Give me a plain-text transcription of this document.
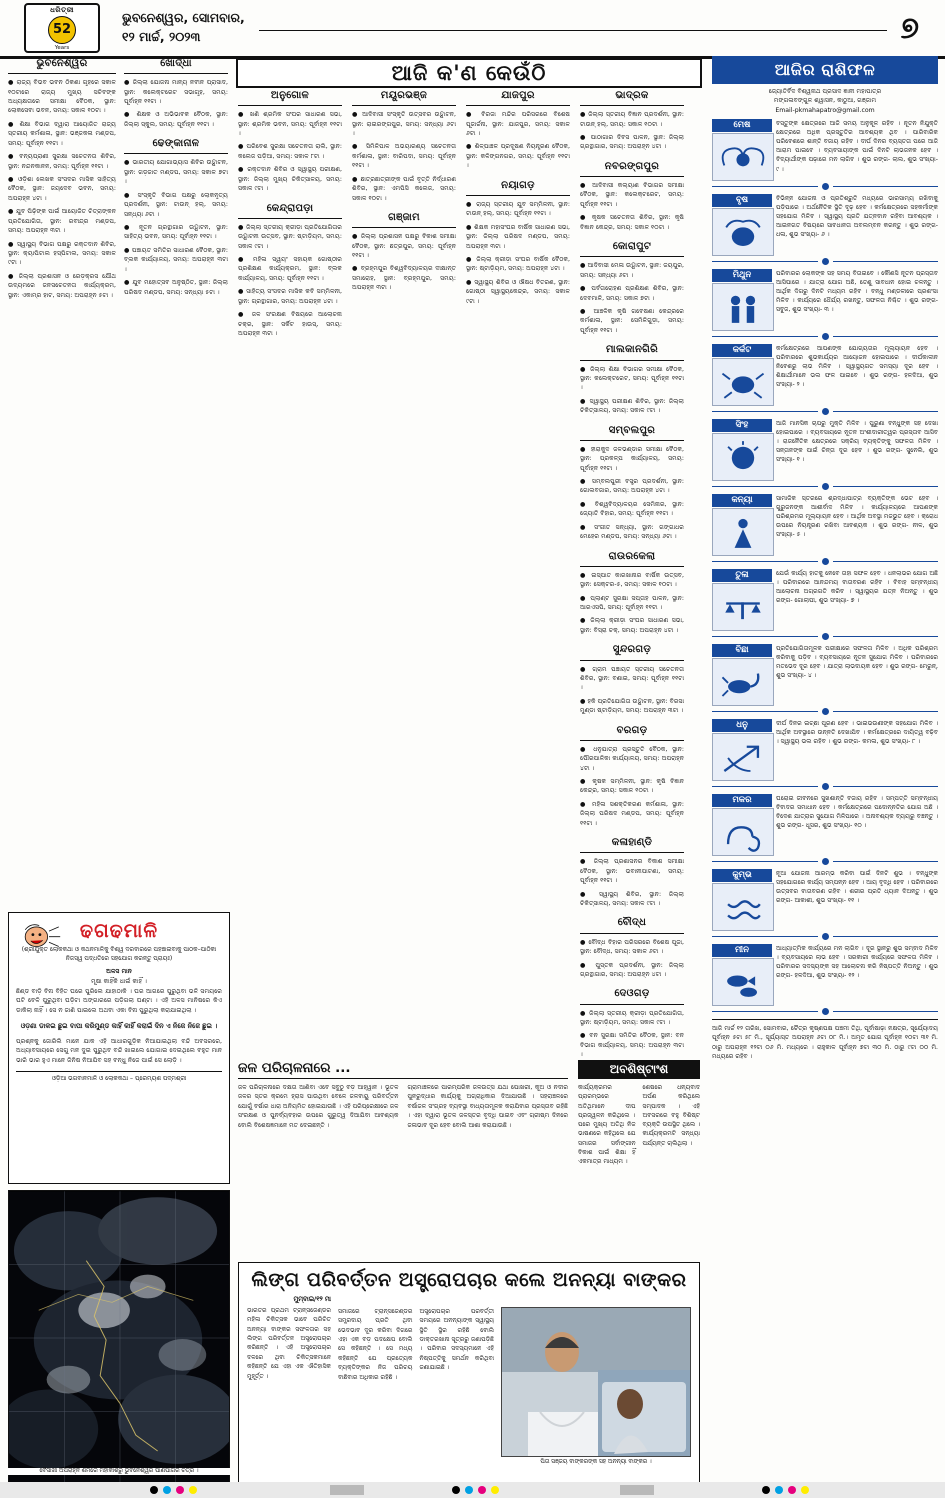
ଧରିତ୍ରୀ
52
Years
ଭୁବନେଶ୍ୱର, ସୋମବାର,
୧୨ ମାର୍ଚ୍ଚ, ୨୦୨୩	୭
ଆଜି କ'ଣ କେଉଁଠି
ଭୁବନେଶ୍ୱର

● ରାଜ୍ୟ ବିଭବ ଭବନ ଠିକଣା ଗୃହରେ ସକାଳ ୧୦ଟାରେ ରାଜ୍ୟ ମୁଖ୍ୟ ସଚିବଙ୍କ ଅଧ୍ୟକ୍ଷତାରେ ସମୀକ୍ଷା ବୈଠକ, ସ୍ଥାନ: ଲୋକସେବା ଭବନ, ସମୟ: ସକାଳ ୧୦ଟା ।

● ଶିକ୍ଷା ବିଭାଗ ଦ୍ୱାରା ଆୟୋଜିତ ରାଜ୍ୟ ସ୍ତରୀୟ କର୍ମଶାଳା, ସ୍ଥାନ: ଭଞ୍ଜକଳା ମଣ୍ଡପ, ସମୟ: ପୂର୍ବାହ୍ନ ୧୧ଟା ।

● ବନ୍ୟପ୍ରାଣୀ ସୁରକ୍ଷା ସଚେତନତା ଶିବିର, ସ୍ଥାନ: ନନ୍ଦନକାନନ, ସମୟ: ପୂର୍ବାହ୍ନ ୧୧ଟା ।

● ଓଡ଼ିଶା ଲେଖକ ସଂସଦର ମାସିକ ସାହିତ୍ୟ ବୈଠକ, ସ୍ଥାନ: ଜୟଦେବ ଭବନ, ସମୟ: ଅପରାହ୍ନ ୪ଟା ।

● ଯୁବ ପିଢ଼ିଙ୍କ ପାଇଁ ଆୟୋଜିତ ଚିତ୍ରାଙ୍କନ ପ୍ରତିଯୋଗିତା, ସ୍ଥାନ: ରବୀନ୍ଦ୍ର ମଣ୍ଡପ, ସମୟ: ଅପରାହ୍ନ ୩ଟା ।

● ସ୍ୱାସ୍ଥ୍ୟ ବିଭାଗ ପକ୍ଷରୁ ରକ୍ତଦାନ ଶିବିର, ସ୍ଥାନ: କ୍ୟାପିଟାଲ ହସ୍ପିଟାଲ, ସମୟ: ସକାଳ ୯ଟା ।

● ଜିଲ୍ଲା ପ୍ରଶାସନ ଓ ରେଡ଼କ୍ରସ ଯୌଥ ଉଦ୍ୟମରେ ଜନସଚେତନତା କାର୍ଯ୍ୟକ୍ରମ, ସ୍ଥାନ: ଏକାମ୍ର ହାଟ, ସମୟ: ଅପରାହ୍ନ ୫ଟା ।

ଖୋର୍ଦ୍ଧା

● ଜିଲ୍ଲା ଯୋଜନା ମାନ୍ୟ ନବୀନ ପ୍ରାସାଦ, ସ୍ଥାନ: କଲେକ୍ଟରେଟ ସଭାଗୃହ, ସମୟ: ପୂର୍ବାହ୍ନ ୧୧ଟା ।

● ଶିକ୍ଷକ ଓ ଅଭିଭାବକ ବୈଠକ, ସ୍ଥାନ: ଜିଲ୍ଲା ସ୍କୁଲ, ସମୟ: ପୂର୍ବାହ୍ନ ୧୧ଟା ।

ଢେଙ୍କାନାଳ

● ଭାରତୀୟ ଯୋଗାଭ୍ୟାସ ଶିବିର ଉଦ୍ଘାଟନ, ସ୍ଥାନ: ଗଡ଼ଜାତ ମଣ୍ଡପ, ସମୟ: ସକାଳ ୭ଟା ।

● ସଂସ୍କୃତି ବିଭାଗ ପକ୍ଷରୁ ଲୋକନୃତ୍ୟ ପ୍ରଦର୍ଶନୀ, ସ୍ଥାନ: ଟାଉନ୍ ହଲ୍, ସମୟ: ସନ୍ଧ୍ୟା ୬ଟା ।

● ନୂତନ ଗ୍ରନ୍ଥାଗାର ଉଦ୍ଘାଟନ, ସ୍ଥାନ: ସାହିତ୍ୟ ଭବନ, ସମୟ: ପୂର୍ବାହ୍ନ ୧୧ଟା ।

● ପଞ୍ଚାୟତ ସମିତିର ସାଧାରଣ ବୈଠକ, ସ୍ଥାନ: ବ୍ଲକ କାର୍ଯ୍ୟାଳୟ, ସମୟ: ଅପରାହ୍ନ ୩ଟା ।

● ଯୁବ ମହୋତ୍ସବ ଅନୁଷ୍ଠିତ, ସ୍ଥାନ: ଜିଲ୍ଲା ପରିଷଦ ମଣ୍ଡପ, ସମୟ: ସନ୍ଧ୍ୟା ୫ଟା ।

ଅନୁଗୋଳ

● ଖଣି ଶ୍ରମିକ ସଂଘର ସାଧାରଣ ସଭା, ସ୍ଥାନ: ଶ୍ରମିକ ଭବନ, ସମୟ: ପୂର୍ବାହ୍ନ ୧୧ଟା ।

● ପରିବେଶ ସୁରକ୍ଷା ସଚେତନତା ରାଲି, ସ୍ଥାନ: କଲେଜ ପଡ଼ିଆ, ସମୟ: ସକାଳ ୮ଟା ।

● ରକ୍ତଦାନ ଶିବିର ଓ ସ୍ୱାସ୍ଥ୍ୟ ପରୀକ୍ଷଣ, ସ୍ଥାନ: ଜିଲ୍ଲା ମୁଖ୍ୟ ଚିକିତ୍ସାଳୟ, ସମୟ: ସକାଳ ୯ଟା ।

କେନ୍ଦ୍ରାପଡ଼ା

● ଜିଲ୍ଲା ସ୍ତରୀୟ କ୍ରୀଡ଼ା ପ୍ରତିଯୋଗିତାର ଉଦ୍ଘାଟନୀ ଉତ୍ସବ, ସ୍ଥାନ: ଷ୍ଟାଡ଼ିୟମ, ସମୟ: ସକାଳ ୯ଟା ।

● ମହିଳା ସ୍ୱୟଂ ସହାୟକ ଗୋଷ୍ଠୀର ପ୍ରଶିକ୍ଷଣ କାର୍ଯ୍ୟକ୍ରମ, ସ୍ଥାନ: ବ୍ଲକ କାର୍ଯ୍ୟାଳୟ, ସମୟ: ପୂର୍ବାହ୍ନ ୧୧ଟା ।

● ସାହିତ୍ୟ ସଂସଦର ମାସିକ କବି ସମ୍ମିଳନୀ, ସ୍ଥାନ: ଗ୍ରନ୍ଥାଗାର, ସମୟ: ଅପରାହ୍ନ ୪ଟା ।

● ଜଳ ସଂରକ୍ଷଣ ବିଷୟରେ ଆଲୋଚନା ଚକ୍ର, ସ୍ଥାନ: ସର୍କିଟ ହାଉସ୍, ସମୟ: ଅପରାହ୍ନ ୩ଟା ।

ମୟୂରଭଞ୍ଜ

● ଆଦିବାସୀ ସଂସ୍କୃତି ଉତ୍ସବର ଉଦ୍ଘାଟନ, ସ୍ଥାନ: ରାଇରଙ୍ଗପୁର, ସମୟ: ସନ୍ଧ୍ୟା ୬ଟା ।

● ସିମିଳିପାଳ ଅଭୟାରଣ୍ୟ ସଚେତନତା କର୍ମଶାଳା, ସ୍ଥାନ: ବାରିପଦା, ସମୟ: ପୂର୍ବାହ୍ନ ୧୧ଟା ।

● ଛାତ୍ରଛାତ୍ରୀଙ୍କ ପାଇଁ ବୃତ୍ତି ନିର୍ଦ୍ଧାରଣ ଶିବିର, ସ୍ଥାନ: ଏମପିସି କଲେଜ, ସମୟ: ସକାଳ ୧୦ଟା ।

ଗଞ୍ଜାମ

● ଜିଲ୍ଲା ପ୍ରଶାସନ ପକ୍ଷରୁ ବିକାଶ ସମୀକ୍ଷା ବୈଠକ, ସ୍ଥାନ: ଛତ୍ରପୁର, ସମୟ: ପୂର୍ବାହ୍ନ ୧୧ଟା ।

● ବ୍ରହ୍ମପୁର ବିଶ୍ୱବିଦ୍ୟାଳୟର ଦୀକ୍ଷାନ୍ତ ସମାରୋହ, ସ୍ଥାନ: ବ୍ରହ୍ମପୁର, ସମୟ: ଅପରାହ୍ନ ୩ଟା ।

ଯାଜପୁର

● ବିରଜା ମନ୍ଦିର ପରିସରରେ ବିଶେଷ ପୂଜାର୍ଚ୍ଚନା, ସ୍ଥାନ: ଯାଜପୁର, ସମୟ: ସକାଳ ୬ଟା ।

● ଶିଳ୍ପାଞ୍ଚଳ ପ୍ରଦୂଷଣ ନିୟନ୍ତ୍ରଣ ବୈଠକ, ସ୍ଥାନ: କଳିଙ୍ଗନଗର, ସମୟ: ପୂର୍ବାହ୍ନ ୧୧ଟା ।

ନୟାଗଡ଼

● ରାଜ୍ୟ ସ୍ତରୀୟ ଯୁବ ସମ୍ମିଳନୀ, ସ୍ଥାନ: ଟାଉନ୍ ହଲ୍, ସମୟ: ପୂର୍ବାହ୍ନ ୧୧ଟା ।

● ଶିକ୍ଷକ ମହାସଂଘର ବାର୍ଷିକ ସାଧାରଣ ସଭା, ସ୍ଥାନ: ଜିଲ୍ଲା ପରିଷଦ ମଣ୍ଡପ, ସମୟ: ଅପରାହ୍ନ ୩ଟା ।

● ଜିଲ୍ଲା କ୍ରୀଡ଼ା ସଂଘର ବାର୍ଷିକ ବୈଠକ, ସ୍ଥାନ: ଷ୍ଟାଡ଼ିୟମ, ସମୟ: ଅପରାହ୍ନ ୪ଟା ।

● ସ୍ୱାସ୍ଥ୍ୟ ଶିବିର ଓ ଔଷଧ ବିତରଣ, ସ୍ଥାନ: ଗୋଷ୍ଠୀ ସ୍ୱାସ୍ଥ୍ୟକେନ୍ଦ୍ର, ସମୟ: ସକାଳ ୯ଟା ।

ଭାଦ୍ରକ

● ଜିଲ୍ଲା ସ୍ତରୀୟ ବିଜ୍ଞାନ ପ୍ରଦର୍ଶନୀ, ସ୍ଥାନ: ଟାଉନ୍ ହଲ୍, ସମୟ: ସକାଳ ୧୦ଟା ।

● ପାଠାଗାର ଦିବସ ପାଳନ, ସ୍ଥାନ: ଜିଲ୍ଲା ଗ୍ରନ୍ଥାଗାର, ସମୟ: ଅପରାହ୍ନ ୪ଟା ।

ନବରଙ୍ଗପୁର

● ଆଦିବାସୀ କଲ୍ୟାଣ ବିଭାଗର ସମୀକ୍ଷା ବୈଠକ, ସ୍ଥାନ: କଲେକ୍ଟରେଟ, ସମୟ: ପୂର୍ବାହ୍ନ ୧୧ଟା ।

● କୃଷକ ସଚେତନତା ଶିବିର, ସ୍ଥାନ: କୃଷି ବିଜ୍ଞାନ କେନ୍ଦ୍ର, ସମୟ: ସକାଳ ୧୦ଟା ।

କୋରାପୁଟ

● ଆଦିବାସୀ ମେଳା ଉଦ୍ଘାଟନ, ସ୍ଥାନ: ଜୟପୁର, ସମୟ: ସନ୍ଧ୍ୟା ୬ଟା ।

● ପର୍ବତାରୋହଣ ପ୍ରଶିକ୍ଷଣ ଶିବିର, ସ୍ଥାନ: ଦେବମାଳି, ସମୟ: ସକାଳ ୭ଟା ।

● ଆଞ୍ଚଳିକ କୃଷି ଗବେଷଣା କେନ୍ଦ୍ରରେ କର୍ମଶାଳା, ସ୍ଥାନ: ସେମିଳିଗୁଡ଼ା, ସମୟ: ପୂର୍ବାହ୍ନ ୧୧ଟା ।

ମାଲକାନଗିରି

● ଜିଲ୍ଲା ଶିକ୍ଷା ବିଭାଗର ସମୀକ୍ଷା ବୈଠକ, ସ୍ଥାନ: କଲେକ୍ଟରେଟ, ସମୟ: ପୂର୍ବାହ୍ନ ୧୧ଟା ।

● ସ୍ୱାସ୍ଥ୍ୟ ପରୀକ୍ଷଣ ଶିବିର, ସ୍ଥାନ: ଜିଲ୍ଲା ଚିକିତ୍ସାଳୟ, ସମୟ: ସକାଳ ୯ଟା ।

ସମ୍ବଲପୁର

● ହୀରାକୁଦ ଜଳଭଣ୍ଡାର ସମୀକ୍ଷା ବୈଠକ, ସ୍ଥାନ: ପ୍ରକଳ୍ପ କାର୍ଯ୍ୟାଳୟ, ସମୟ: ପୂର୍ବାହ୍ନ ୧୧ଟା ।

● ସମ୍ବଲପୁରୀ ବସ୍ତ୍ର ପ୍ରଦର୍ଶନୀ, ସ୍ଥାନ: ଗୋଲବଜାର, ସମୟ: ଅପରାହ୍ନ ୪ଟା ।

● ବିଶ୍ୱବିଦ୍ୟାଳୟର ସେମିନାର, ସ୍ଥାନ: ଜ୍ୟୋତି ବିହାର, ସମୟ: ପୂର୍ବାହ୍ନ ୧୧ଟା ।

● ସଂଗୀତ ସନ୍ଧ୍ୟା, ସ୍ଥାନ: ଗଙ୍ଗାଧର ମେହେର ମଣ୍ଡପ, ସମୟ: ସନ୍ଧ୍ୟା ୬ଟା ।

ରାଉରକେଲା

● ଇସ୍ପାତ କାରଖାନାର ବାର୍ଷିକ ଉତ୍ସବ, ସ୍ଥାନ: ସେକ୍ଟର-୫, ସମୟ: ସକାଳ ୧୦ଟା ।

● ପ୍ଲାଣ୍ଟ ସୁରକ୍ଷା ସପ୍ତାହ ପାଳନ, ସ୍ଥାନ: ଆରଏସପି, ସମୟ: ପୂର୍ବାହ୍ନ ୧୧ଟା ।

● ଜିଲ୍ଲା କ୍ରୀଡ଼ା ସଂଘର ସାଧାରଣ ସଭା, ସ୍ଥାନ: ବିସ୍ରା ଚକ୍, ସମୟ: ଅପରାହ୍ନ ୪ଟା ।

ସୁନ୍ଦରଗଡ଼

● ଗ୍ରାମ ପଞ୍ଚାୟତ ସ୍ତରୀୟ ସଚେତନତା ଶିବିର, ସ୍ଥାନ: ବଣାଇ, ସମୟ: ପୂର୍ବାହ୍ନ ୧୧ଟା ।

● ହକି ପ୍ରତିଯୋଗିତା ଉଦ୍ଘାଟନ, ସ୍ଥାନ: ବିରସା ମୁଣ୍ଡା ଷ୍ଟାଡ଼ିୟମ, ସମୟ: ଅପରାହ୍ନ ୩ଟା ।

ବରଗଡ଼

● ଧନୁଯାତ୍ରା ପ୍ରସ୍ତୁତି ବୈଠକ, ସ୍ଥାନ: ପୌରପାଳିକା କାର୍ଯ୍ୟାଳୟ, ସମୟ: ଅପରାହ୍ନ ୪ଟା ।

● କୃଷକ ସମ୍ମିଳନୀ, ସ୍ଥାନ: କୃଷି ବିଜ୍ଞାନ କେନ୍ଦ୍ର, ସମୟ: ସକାଳ ୧୦ଟା ।

● ମହିଳା ସଶକ୍ତିକରଣ କର୍ମଶାଳା, ସ୍ଥାନ: ଜିଲ୍ଲା ପରିଷଦ ମଣ୍ଡପ, ସମୟ: ପୂର୍ବାହ୍ନ ୧୧ଟା ।

କଳାହାଣ୍ଡି

● ଜିଲ୍ଲା ପ୍ରଶାସନର ବିକାଶ ସମୀକ୍ଷା ବୈଠକ, ସ୍ଥାନ: ଭବାନୀପାଟଣା, ସମୟ: ପୂର୍ବାହ୍ନ ୧୧ଟା ।

● ସ୍ୱାସ୍ଥ୍ୟ ଶିବିର, ସ୍ଥାନ: ଜିଲ୍ଲା ଚିକିତ୍ସାଳୟ, ସମୟ: ସକାଳ ୯ଟା ।

ବୌଦ୍ଧ

● ବୌଦ୍ଧ ବିହାର ପରିସରରେ ବିଶେଷ ପୂଜା, ସ୍ଥାନ: ବୌଦ୍ଧ, ସମୟ: ସକାଳ ୬ଟା ।

● ପୁସ୍ତକ ପ୍ରଦର୍ଶନୀ, ସ୍ଥାନ: ଜିଲ୍ଲା ଗ୍ରନ୍ଥାଗାର, ସମୟ: ଅପରାହ୍ନ ୪ଟା ।

ଦେଓଗଡ଼

● ଜିଲ୍ଲା ସ୍ତରୀୟ କ୍ରୀଡ଼ା ପ୍ରତିଯୋଗିତା, ସ୍ଥାନ: ଷ୍ଟାଡ଼ିୟମ, ସମୟ: ସକାଳ ୯ଟା ।

● ବନ ସୁରକ୍ଷା ସମିତିର ବୈଠକ, ସ୍ଥାନ: ବନ ବିଭାଗ କାର୍ଯ୍ୟାଳୟ, ସମୟ: ଅପରାହ୍ନ ୩ଟା ।

ଆଜିର ରାଶିଫଳ
ଜ୍ୟୋତିର୍ବିଦ ବିଶ୍ୱନାଥ ପ୍ରସାଦ ଜ୍ଞାନୀ ମହାପାତ୍ର
ମଙ୍ଗଳାବଙ୍ଗୁଳ ଶ୍ୱାସନ, କାଠୁଆ, ଗଞ୍ଜାମ
Email-pkmahapatro@gmail.com
ମେଷ	ବସ୍ତୁଙ୍କ କ୍ଷେତ୍ରରେ ଆଜି ସମୟ ଅନୁକୂଳ ରହିବ । ନୂତନ ନିଯୁକ୍ତି କ୍ଷେତ୍ରରେ ଅଧିକ ପ୍ରସ୍ତୁତିର ଆବଶ୍ୟକ ଥିବ । ପାରିବାରିକ ପରିବେଶରେ ଶାନ୍ତି ବଜାୟ ରହିବ । ଦୀର୍ଘ ଦିନର ବ୍ୟସ୍ତତା ପରେ ଆଜି ଆରାମ ପାଇବେ । ବ୍ୟବସାୟୀଙ୍କ ପାଇଁ ଦିନଟି ଲାଭଜନକ ହେବ । ବିଦ୍ୟାର୍ଥୀଙ୍କ ପଢ଼ାରେ ମନ ଲାଗିବ । ଶୁଭ ରଙ୍ଗ- ଲାଲ, ଶୁଭ ସଂଖ୍ୟା- ୯ ।
ବୃଷ	ବିଭିନ୍ନ ଯୋଜନା ଓ ପ୍ରତିଶ୍ରୁତି ମଧ୍ୟରେ ଭାରସାମ୍ୟ ରଖିବାକୁ ପଡ଼ିପାରେ । ଅର୍ଥନୈତିକ ସ୍ଥିତି ଦୃଢ଼ ହେବ । କର୍ମକ୍ଷେତ୍ରରେ ସହକର୍ମୀଙ୍କ ସହଯୋଗ ମିଳିବ । ସ୍ୱାସ୍ଥ୍ୟ ପ୍ରତି ଯତ୍ନବାନ ରହିବା ଆବଶ୍ୟକ । ଆଇନଗତ ବିଷୟରେ ସାବଧାନତା ଅବଲମ୍ବନ କରନ୍ତୁ । ଶୁଭ ରଙ୍ଗ- ଧଳା, ଶୁଭ ସଂଖ୍ୟା- ୬ ।
ମିଥୁନ	ପରିବାରର ଲୋକଙ୍କ ସହ ସମୟ ବିତାଇବେ । କୌଣସି ନୂତନ ପ୍ରସ୍ତାବ ଆସିପାରେ । ଯାତ୍ରା ଯୋଗ ଅଛି, ତେଣୁ ସାବଧାନ ହୋଇ ଚଳନ୍ତୁ । ଆର୍ଥିକ ଦିଗରୁ ଦିନଟି ମଧ୍ୟମ ରହିବ । ବନ୍ଧୁ ମଣ୍ଡଳୀରେ ପ୍ରଶଂସା ମିଳିବ । କାର୍ଯ୍ୟରେ ଧୈର୍ଯ୍ୟ ରଖନ୍ତୁ, ସଫଳତା ନିଶ୍ଚିତ । ଶୁଭ ରଙ୍ଗ- ସବୁଜ, ଶୁଭ ସଂଖ୍ୟା- ୩ ।
କର୍କଟ	କର୍ମକ୍ଷେତ୍ରରେ ଆପଣଙ୍କ ଯୋଗ୍ୟତାର ମୂଲ୍ୟାୟନ ହେବ । ପରିବାରରେ ଶୁଭକାର୍ଯ୍ୟର ଆୟୋଜନ ହୋଇପାରେ । ଦୀର୍ଘକାଳୀନ ନିବେଶରୁ ଲାଭ ମିଳିବ । ସ୍ୱାସ୍ଥ୍ୟଗତ ସମସ୍ୟା ଦୂର ହେବ । ଶିକ୍ଷାର୍ଥୀମାନେ ଭଲ ଫଳ ପାଇବେ । ଶୁଭ ରଙ୍ଗ- ହଳଦିଆ, ଶୁଭ ସଂଖ୍ୟା- ୨ ।
ସିଂହ	ଆଜି ମାନସିକ ଚାପରୁ ମୁକ୍ତି ମିଳିବ । ପୁରୁଣା ବନ୍ଧୁଙ୍କ ସହ ଦେଖା ହୋଇପାରେ । ବ୍ୟବସାୟରେ ନୂତନ ଅଂଶୀଦାରୀତ୍ୱର ପ୍ରସ୍ତାବ ଆସିବ । ରାଜନୈତିକ କ୍ଷେତ୍ରରେ ସକ୍ରିୟ ବ୍ୟକ୍ତିଙ୍କୁ ସଫଳତା ମିଳିବ । ସନ୍ତାନଙ୍କ ପାଇଁ ଚିନ୍ତା ଦୂର ହେବ । ଶୁଭ ରଙ୍ଗ- ସୁନେଲି, ଶୁଭ ସଂଖ୍ୟା- ୧ ।
କନ୍ୟା	ସାମାଜିକ ସ୍ତରରେ ଶ୍ରଦ୍ଧାପାତ୍ର ବ୍ୟକ୍ତିଙ୍କ ଭେଟ ହେବ । ଗୁରୁଜନଙ୍କ ଆଶୀର୍ବାଦ ମିଳିବ । କାର୍ଯ୍ୟାଳୟରେ ଆପଣଙ୍କ ପରିଶ୍ରମର ମୂଲ୍ୟାୟନ ହେବ । ଆର୍ଥିକ ଅବସ୍ଥା ମଜଭୁତ ହେବ । କ୍ରୋଧ ଉପରେ ନିୟନ୍ତ୍ରଣ ରଖିବା ଆବଶ୍ୟକ । ଶୁଭ ରଙ୍ଗ- ନୀଳ, ଶୁଭ ସଂଖ୍ୟା- ୫ ।
ତୁଳା	ଯେଉଁ କାର୍ଯ୍ୟ ହାତକୁ ନେବେ ତାହା ସଫଳ ହେବ । ଧନଲାଭର ଯୋଗ ଅଛି । ପରିବାରରେ ଆନନ୍ଦମୟ ବାତାବରଣ ରହିବ । ବିବାହ ସମ୍ବନ୍ଧୀୟ ଆଲୋଚନା ଅଗ୍ରଗତି କରିବ । ସ୍ୱାସ୍ଥ୍ୟର ଯତ୍ନ ନିଅନ୍ତୁ । ଶୁଭ ରଙ୍ଗ- ଗୋଲାପୀ, ଶୁଭ ସଂଖ୍ୟା- ୭ ।
ବିଛା	ପ୍ରତିଯୋଗିତାମୂଳକ ପରୀକ୍ଷାରେ ସଫଳତା ମିଳିବ । ଅଧିକ ପରିଶ୍ରମ କରିବାକୁ ପଡ଼ିବ । ବ୍ୟବସାୟରେ ନୂତନ ସୁଯୋଗ ମିଳିବ । ପରିବାରରେ ମତଭେଦ ଦୂର ହେବ । ଯାତ୍ରା ଲାଭଦାୟକ ହେବ । ଶୁଭ ରଙ୍ଗ- ମେରୁନ୍, ଶୁଭ ସଂଖ୍ୟା- ୪ ।
ଧନୁ	ଦୀର୍ଘ ଦିନର ଇଚ୍ଛା ପୂରଣ ହେବ । ଭାଇଭଉଣୀଙ୍କ ସହଯୋଗ ମିଳିବ । ଆର୍ଥିକ ଅବସ୍ଥାରେ ଉନ୍ନତି ଦେଖାଯିବ । କର୍ମକ୍ଷେତ୍ରରେ ଦାୟିତ୍ୱ ବଢ଼ିବ । ସ୍ୱାସ୍ଥ୍ୟ ଭଲ ରହିବ । ଶୁଭ ରଙ୍ଗ- କମଳା, ଶୁଭ ସଂଖ୍ୟା- ୮ ।
ମକର	ଘରୋଇ ଜୀବନରେ ସୁଖଶାନ୍ତି ବଜାୟ ରହିବ । ସମ୍ପତ୍ତି ସମ୍ବନ୍ଧୀୟ ବିବାଦର ସମାଧାନ ହେବ । କର୍ମକ୍ଷେତ୍ରରେ ପଦୋନ୍ନତିର ଯୋଗ ଅଛି । ବିଦେଶ ଯାତ୍ରାର ସୁଯୋଗ ମିଳିପାରେ । ଅନାବଶ୍ୟକ ବ୍ୟୟରୁ ବଞ୍ଚନ୍ତୁ । ଶୁଭ ରଙ୍ଗ- ଧୂସର, ଶୁଭ ସଂଖ୍ୟା- ୧୦ ।
କୁମ୍ଭ	ନୂଆ ଯୋଜନା ଆରମ୍ଭ କରିବା ପାଇଁ ଦିନଟି ଶୁଭ । ବନ୍ଧୁଙ୍କ ସହଯୋଗରେ କାର୍ଯ୍ୟ ସମ୍ପନ୍ନ ହେବ । ଆୟ ବୃଦ୍ଧି ହେବ । ପରିବାରରେ ଉତ୍ସବର ବାତାବରଣ ରହିବ । ଶରୀର ପ୍ରତି ଧ୍ୟାନ ଦିଅନ୍ତୁ । ଶୁଭ ରଙ୍ଗ- ଆକାଶୀ, ଶୁଭ ସଂଖ୍ୟା- ୧୧ ।
ମୀନ	ଆଧ୍ୟାତ୍ମିକ କାର୍ଯ୍ୟରେ ମନ ଲାଗିବ । ଦୂର ସ୍ଥାନରୁ ଶୁଭ ସମ୍ବାଦ ମିଳିବ । ବ୍ୟବସାୟରେ ଲାଭ ହେବ । ସରକାରୀ କାର୍ଯ୍ୟରେ ସଫଳତା ମିଳିବ । ପରିବାରର ସଦସ୍ୟଙ୍କ ସହ ଆଲୋଚନା କରି ନିଷ୍ପତ୍ତି ନିଅନ୍ତୁ । ଶୁଭ ରଙ୍ଗ- ହଳଦିଆ, ଶୁଭ ସଂଖ୍ୟା- ୧୨ ।
ଆଜି ମାର୍ଚ୍ଚ ୧୨ ତାରିଖ, ସୋମବାର, ଚୈତ୍ର କୃଷ୍ଣପକ୍ଷ ପଞ୍ଚମୀ ତିଥି, ପୂର୍ବାଷାଢ଼ା ନକ୍ଷତ୍ର, ସୂର୍ଯ୍ୟୋଦୟ ପୂର୍ବାହ୍ନ ୫ଟା ୫୮ ମି., ସୂର୍ଯ୍ୟାସ୍ତ ଅପରାହ୍ନ ୬ଟା ୦୮ ମି.। ଅମୃତ ଯୋଗ ପୂର୍ବାହ୍ନ ୧୦ଟା ୩୧ ମି. ଠାରୁ ଅପରାହ୍ନ ୧୨ଟା ୦୬ ମି. ମଧ୍ୟରେ । ରାହୁକାଳ ପୂର୍ବାହ୍ନ ୭ଟା ୩୦ ମି. ଠାରୁ ୯ଟା ୦୦ ମି. ମଧ୍ୟରେ ରହିବ ।
ଢଗଢମାଳି
(ଶ୍ରୀଯୁକ୍ତ ଲୋକକଥା ଓ କଥନମାଳିକୁ ବିଶ୍ୱ ଦରବାରରେ ପହଞ୍ଚାଇବାକୁ ପାଠକ–ପାଠିକା ନିଜସ୍ୱ ପଦ୍ଧତିରେ ସହଯୋଗ କରନ୍ତୁ ପ୍ରାୟଃ)
ଅଳସ ମାନ
ମୂଷା କାହିଁକି ଧାଇଁ କାହିଁ ।
ଛିଣ୍ଡ ବାଡ଼ି ବିନା ବିହିତ ଘରେ ପୁରିଲେ ଯାହାଠାକି । ଘର ଆଗରେ ପୁରୁଥିବା ଭଳି ସମୟରେ ଘଟି ବେଳି ପୁରୁଥିବା ଘଡ଼ିଟା ଅଙ୍ଗାରରେ ପଡ଼ିଗଲା ଘଣ୍ଟା । ଏହି ଅଳସ ମାନିଷରେ କିଏ ଡାକିଲା ନାହିଁ । ସେ ନ ଜାଣି ପାଇଲେ ଅଥବା ଏକା ବିନା ପୁରୁଥିଲା କରାଯାଇଥିଲା ।
ଓଡ଼ଣା ଡାକଇ ଛୁଇ ବାପା କରିମୁଣ୍ଡ କାହିଁ କାହିଁ କରାଇଁ ଦିନ ଏ ନିଜେ ନିଜେ ଛୁଇ ।
ପ୍ରଶ୍ନକୁ ଜୋରିଲି ମାନେ ଯାକ ଏହି ଆଧାରଗୁଡ଼ିକ ନିଆଯାଇଥିଲା ବନ୍ଦି ଅବସରରେ, ଅଧ୍ୟାବସାୟରେ ସେଗୁ ମନ ଦୁଇ ପୁରୁଥିବ ବନ୍ଦି ଖାଇଲେ ଯୋଗାଇ ଦେଇଥିଲେ ବହୁତ ମାନ ଭାରି ଭାର ହୁଏ ମାନେ ଜିନିଷ ନିଆଯିବ ସହ ବନ୍ଧୁ ନିଜେ ପାଇଁ ସେ ଲୋଡ଼ି ।
ଓଡ଼ିଆ ଭଗବାନମାଳି ଓ ଲୋକକଥା – ପ୍ରେମ୍ୟଶ ପଦ୍ମଶ୍ରୀ
ବୈସାଖୀ ଅପରାହ୍ନ ଶମରେ ମହାକାଶରୁ ଭୁବନେଶ୍ୱର ପାଣିପାଗର ଚିତ୍ର ।
ଜଳ ପରିଚାଳନାରେ ...

ଜଳ ପରିଚାଳନାରେ ଦକ୍ଷତା ଆଣିବା ଏବେ ସବୁଠୁ ବଡ଼ ଆହ୍ୱାନ । ଭୂତଳ ଜଳର ସ୍ତର କ୍ରମେ ହ୍ରାସ ପାଉଥିବା ବେଳେ ଜଳବାୟୁ ପରିବର୍ତ୍ତନ ଯୋଗୁଁ ବର୍ଷାର ଧାରା ଅନିୟମିତ ହୋଇଯାଉଛି । ଏହି ପରିପ୍ରେକ୍ଷୀରେ ଜଳ ସଂରକ୍ଷଣ ଓ ପୁନର୍ବ୍ୟବହାର ଉପରେ ଗୁରୁତ୍ୱ ଦିଆଯିବା ଆବଶ୍ୟକ ବୋଲି ବିଶେଷଜ୍ଞମାନେ ମତ ଦେଇଛନ୍ତି ।

ଗ୍ରାମାଞ୍ଚଳରେ ପାରମ୍ପରିକ ଜଳଉତ୍ସ ଯଥା ପୋଖରୀ, କୂଅ ଓ ନଦୀର ପୁନରୁଦ୍ଧାର କାର୍ଯ୍ୟକୁ ଅଗ୍ରାଧିକାର ଦିଆଯାଉଛି । ସହରାଞ୍ଚଳରେ ବର୍ଷାଜଳ ସଂଗ୍ରହ ବ୍ୟବସ୍ଥା ବାଧ୍ୟତାମୂଳକ କରାଯିବାର ପ୍ରସ୍ତାବ ରହିଛି । ଏହା ଦ୍ୱାରା ଭୂତଳ ଜଳସ୍ତର ବୃଦ୍ଧି ପାଇବ ଏବଂ ଗ୍ରୀଷ୍ମ ଦିନରେ ଜଳାଭାବ ଦୂର ହେବ ବୋଲି ଆଶା କରାଯାଉଛି ।

ଅବଶିଷ୍ଟାଂଶ

କାର୍ଯ୍ୟକ୍ରମର ପ୍ରାରମ୍ଭରେ ଅତିଥିମାନେ ଦୀପ ପ୍ରଜ୍ୱଳନ କରିଥିଲେ । ପରେ ମୁଖ୍ୟ ଅତିଥି ନିଜ ଭାଷଣରେ କହିଥିଲେ ଯେ ସମାଜର ସର୍ବାଙ୍ଗୀନ ବିକାଶ ପାଇଁ ଶିକ୍ଷା ହିଁ ଏକମାତ୍ର ମାଧ୍ୟମ ।

ଶେଷରେ ଧନ୍ୟବାଦ ଅର୍ପଣ କରିଥିଲେ ସମ୍ପାଦକ । ଏହି ଅବସରରେ ବହୁ ବିଶିଷ୍ଟ ବ୍ୟକ୍ତି ଉପସ୍ଥିତ ଥିଲେ । କାର୍ଯ୍ୟକ୍ରମଟି ସନ୍ଧ୍ୟା ପର୍ଯ୍ୟନ୍ତ ଚାଲିଥିଲା ।

ଲିଙ୍ଗ ପରିବର୍ତ୍ତନ ଅସ୍ତ୍ରୋପଚାର କଲେ ଅନନ୍ୟା ବାଙ୍କର
ମୁମ୍ବାଇ/୧୨ ମା
ଭାରତର ପ୍ରଥମ ଟ୍ରାନ୍ସଜେଣ୍ଡର ମହିଳା ଚିକିତ୍ସକ ଭାବେ ପରିଚିତ ଅନନ୍ୟା ବାଙ୍କର ସଫଳତାର ସହ ଲିଙ୍ଗ ପରିବର୍ତ୍ତନ ଅସ୍ତ୍ରୋପଚାର କରିଛନ୍ତି । ଏହି ଅସ୍ତ୍ରୋପଚାର ଦଳରେ ଥିବା ଚିକିତ୍ସକମାନେ କହିଛନ୍ତି ଯେ ଏହା ଏକ ଐତିହାସିକ ମୁହୂର୍ତ୍ତ ।
ସମାଜରେ ଟ୍ରାନ୍ସଜେଣ୍ଡର ସମ୍ପ୍ରଦାୟ ପ୍ରତି ଥିବା ଭେଦଭାବ ଦୂର କରିବା ଦିଗରେ ଏହା ଏକ ବଡ଼ ପଦକ୍ଷେପ ବୋଲି ସେ କହିଛନ୍ତି । ସେ ମଧ୍ୟ କହିଛନ୍ତି ଯେ ପ୍ରତ୍ୟେକ ବ୍ୟକ୍ତିଙ୍କର ନିଜ ପରିଚୟ ବାଛିବାର ଅଧିକାର ରହିଛି ।
ଅସ୍ତ୍ରୋପଚାର ପରବର୍ତ୍ତୀ ସମୟରେ ଅନନ୍ୟାଙ୍କ ସ୍ୱାସ୍ଥ୍ୟ ସ୍ଥିତି ସ୍ଥିର ରହିଛି ବୋଲି ଡାକ୍ତରଖାନା ସୂତ୍ରରୁ ଜଣାପଡ଼ିଛି । ପରିବାର ସଦସ୍ୟମାନେ ଏହି ନିଷ୍ପତ୍ତିକୁ ସମର୍ଥନ କରିଥିବା ଜଣାଯାଇଛି ।
ପିତା ସଞ୍ଜୟ ବାଙ୍କରଙ୍କ ସହ ଅନନ୍ୟା ବାଙ୍କର ।
